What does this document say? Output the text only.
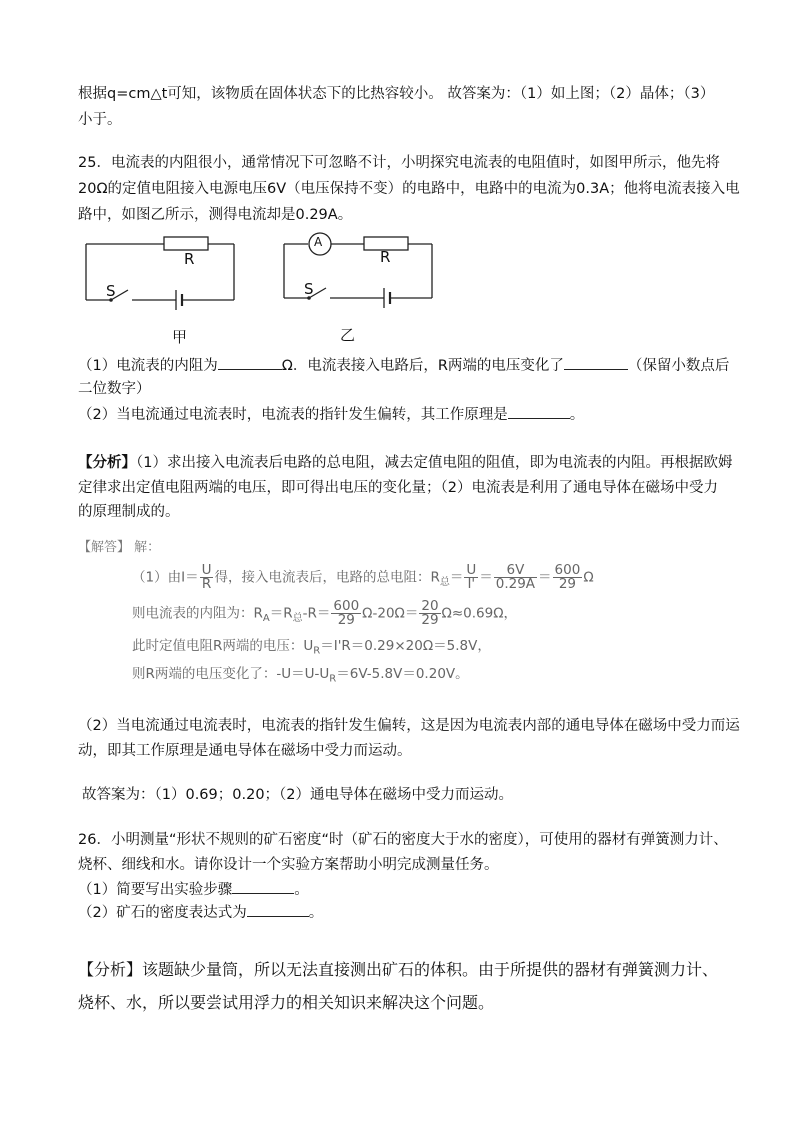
根据q=cm△t可知，该物质在固体状态下的比热容较小。 故答案为：（1）如上图；（2）晶体；（3）
小于。
25．电流表的内阻很小，通常情况下可忽略不计，小明探究电流表的电阻值时，如图甲所示，他先将
20Ω的定值电阻接入电源电压6V（电压保持不变）的电路中，电路中的电流为0.3A；他将电流表接入电
路中，如图乙所示，测得电流却是0.29A。
R
S
甲
A
R
S
乙
（1）电流表的内阻为	Ω．电流表接入电路后，R两端的电压变化了	（保留小数点后
二位数字）
（2）当电流通过电流表时，电流表的指针发生偏转，其工作原理是	。
【分析】（1）求出接入电流表后电路的总电阻，减去定值电阻的阻值，即为电流表的内阻。再根据欧姆
定律求出定值电阻两端的电压，即可得出电压的变化量；（2）电流表是利用了通电导体在磁场中受力
的原理制成的。
【解答】 解：
（1）由$I= \frac{U}{R}$ 得，接入电流表后，电路的总电阻：$R_总= \frac{U}{I'} = \frac{6V}{0.29A} = \frac{600}{29}$ Ω
则电流表的内阻为：$R_A=R_总-R= \frac{600}{29} \Omega-20\Omega= \frac{20}{29} \Omega\approx 0.69\Omega$，
此时定值电阻R两端的电压：$U_R=I'R=0.29\times 20\Omega=5.8V$，
则R两端的电压变化了：$-U=U-U_R=6V-5.8V=0.20V$。
（2）当电流通过电流表时，电流表的指针发生偏转，这是因为电流表内部的通电导体在磁场中受力而运
动，即其工作原理是通电导体在磁场中受力而运动。
故答案为：（1）0.69；0.20；（2）通电导体在磁场中受力而运动。
26．小明测量“形状不规则的矿石密度“时（矿石的密度大于水的密度），可使用的器材有弹簧测力计、
烧杯、细线和水。请你设计一个实验方案帮助小明完成测量任务。
（1）简要写出实验步骤	。
（2）矿石的密度表达式为	。
【分析】该题缺少量筒，所以无法直接测出矿石的体积。由于所提供的器材有弹簧测力计、
烧杯、水，所以要尝试用浮力的相关知识来解决这个问题。
